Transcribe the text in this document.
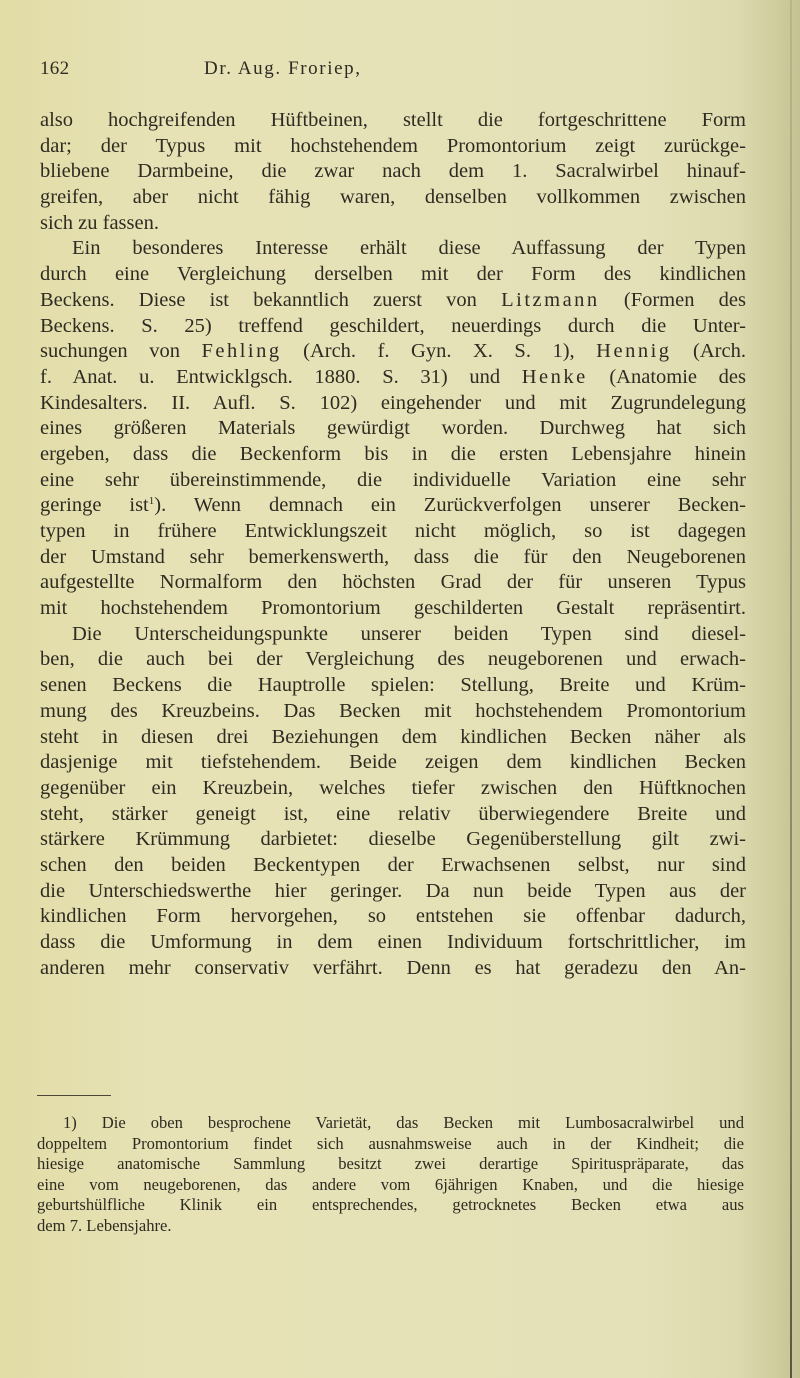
162	Dr. Aug. Froriep,
also hochgreifenden Hüftbeinen, stellt die fortgeschrittene Form
dar; der Typus mit hochstehendem Promontorium zeigt zurückge-
bliebene Darmbeine, die zwar nach dem 1. Sacralwirbel hinauf-
greifen, aber nicht fähig waren, denselben vollkommen zwischen
sich zu fassen.
Ein besonderes Interesse erhält diese Auffassung der Typen
durch eine Vergleichung derselben mit der Form des kindlichen
Beckens. Diese ist bekanntlich zuerst von Litzmann (Formen des
Beckens. S. 25) treffend geschildert, neuerdings durch die Unter-
suchungen von Fehling (Arch. f. Gyn. X. S. 1), Hennig (Arch.
f. Anat. u. Entwicklgsch. 1880. S. 31) und Henke (Anatomie des
Kindesalters. II. Aufl. S. 102) eingehender und mit Zugrundelegung
eines größeren Materials gewürdigt worden. Durchweg hat sich
ergeben, dass die Beckenform bis in die ersten Lebensjahre hinein
eine sehr übereinstimmende, die individuelle Variation eine sehr
geringe ist$^1$). Wenn demnach ein Zurückverfolgen unserer Becken-
typen in frühere Entwicklungszeit nicht möglich, so ist dagegen
der Umstand sehr bemerkenswerth, dass die für den Neugeborenen
aufgestellte Normalform den höchsten Grad der für unseren Typus
mit hochstehendem Promontorium geschilderten Gestalt repräsentirt.
Die Unterscheidungspunkte unserer beiden Typen sind diesel-
ben, die auch bei der Vergleichung des neugeborenen und erwach-
senen Beckens die Hauptrolle spielen: Stellung, Breite und Krüm-
mung des Kreuzbeins. Das Becken mit hochstehendem Promontorium
steht in diesen drei Beziehungen dem kindlichen Becken näher als
dasjenige mit tiefstehendem. Beide zeigen dem kindlichen Becken
gegenüber ein Kreuzbein, welches tiefer zwischen den Hüftknochen
steht, stärker geneigt ist, eine relativ überwiegendere Breite und
stärkere Krümmung darbietet: dieselbe Gegenüberstellung gilt zwi-
schen den beiden Beckentypen der Erwachsenen selbst, nur sind
die Unterschiedswerthe hier geringer. Da nun beide Typen aus der
kindlichen Form hervorgehen, so entstehen sie offenbar dadurch,
dass die Umformung in dem einen Individuum fortschrittlicher, im
anderen mehr conservativ verfährt. Denn es hat geradezu den An-
1) Die oben besprochene Varietät, das Becken mit Lumbosacralwirbel und
doppeltem Promontorium findet sich ausnahmsweise auch in der Kindheit; die
hiesige anatomische Sammlung besitzt zwei derartige Spirituspräparate, das
eine vom neugeborenen, das andere vom 6jährigen Knaben, und die hiesige
geburtshülfliche Klinik ein entsprechendes, getrocknetes Becken etwa aus
dem 7. Lebensjahre.
